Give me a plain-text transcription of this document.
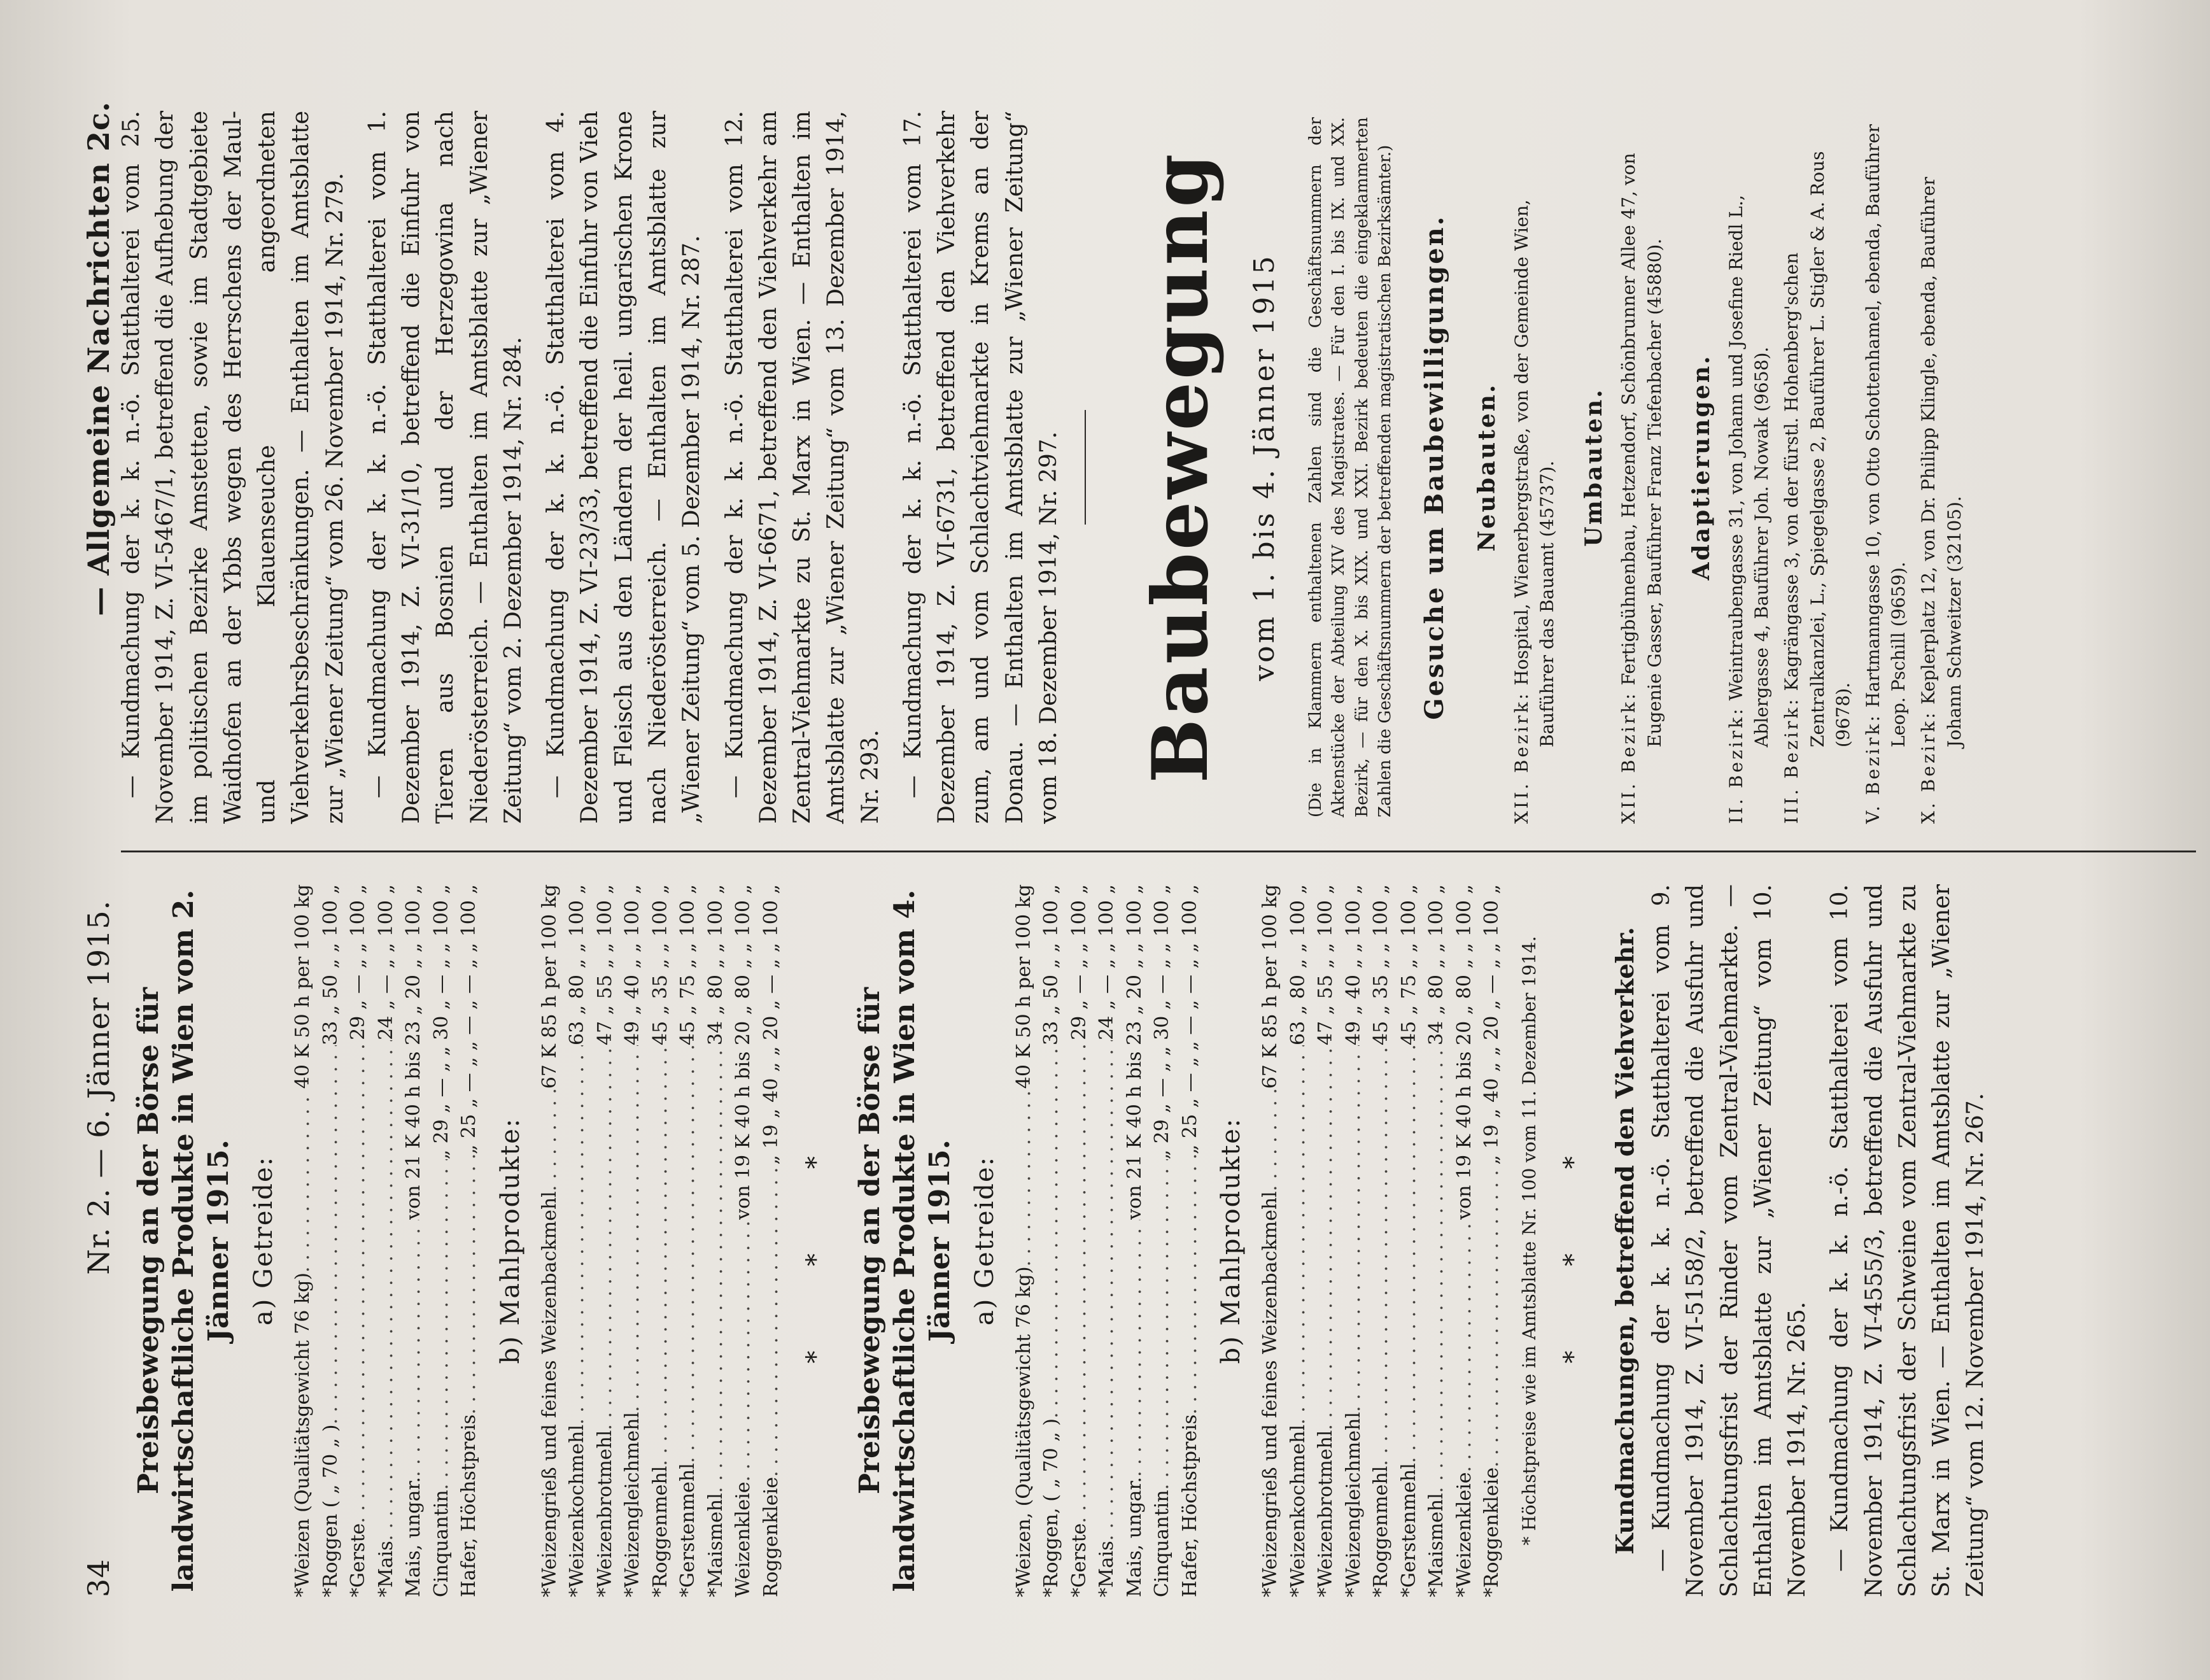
34
Nr. 2. — 6. Jänner 1915.
— Allgemeine Nachrichten 2c.
Preisbewegung an der Börse für landwirtschaftliche Produkte in Wien vom 2. Jänner 1915. a) Getreide:
*Weizen (Qualitätsgewicht 76 kg)
. . .
40 K 50 h per 100 kg
*Roggen ( „ 70 „ )
. . .
33 „ 50 „ „ 100 „
*Gerste
. . .
29 „ — „ „ 100 „
*Mais
. . .
24 „ — „ „ 100 „
Mais, ungar.
. . .
von 21 K 40 h bis 23 „ 20 „ „ 100 „
Cinquantin
. . .
„ 29 „ — „ „ 30 „ — „ „ 100 „
Hafer, Höchstpreis
. . .
„ 25 „ — „ „ — „ — „ „ 100 „
b) Mahlprodukte: *Weizengrieß und feines Weizenbackmehl
. . .
67 K 85 h per 100 kg
*Weizenkochmehl
. . .
63 „ 80 „ „ 100 „
*Weizenbrotmehl
. . .
47 „ 55 „ „ 100 „
*Weizengleichmehl
. . .
49 „ 40 „ „ 100 „
*Roggenmehl
. . .
45 „ 35 „ „ 100 „
*Gerstenmehl
. . .
45 „ 75 „ „ 100 „
*Maismehl
. . .
34 „ 80 „ „ 100 „
Weizenkleie
. . .
von 19 K 40 h bis 20 „ 80 „ „ 100 „
Roggenkleie
. . .
„ 19 „ 40 „ „ 20 „ — „ „ 100 „
* * * Preisbewegung an der Börse für landwirtschaftliche Produkte in Wien vom 4. Jänner 1915. a) Getreide:
*Weizen, (Qualitätsgewicht 76 kg)
. . .
40 K 50 h per 100 kg
*Roggen, ( „ 70 „ )
. . .
33 „ 50 „ „ 100 „
*Gerste
. . .
29 „ — „ „ 100 „
*Mais
. . .
24 „ — „ „ 100 „
Mais, ungar.
. . .
von 21 K 40 h bis 23 „ 20 „ „ 100 „
Cinquantin
. . .
„ 29 „ — „ „ 30 „ — „ „ 100 „
Hafer, Höchstpreis
. . .
„ 25 „ — „ „ — „ — „ „ 100 „
b) Mahlprodukte: *Weizengrieß und feines Weizenbackmehl
. . .
67 K 85 h per 100 kg
*Weizenkochmehl
. . .
63 „ 80 „ „ 100 „
*Weizenbrotmehl
. . .
47 „ 55 „ „ 100 „
*Weizengleichmehl
. . .
49 „ 40 „ „ 100 „
*Roggenmehl
. . .
45 „ 35 „ „ 100 „
*Gerstenmehl
. . .
45 „ 75 „ „ 100 „
*Maismehl
. . .
34 „ 80 „ „ 100 „
*Weizenkleie
. . .
von 19 K 40 h bis 20 „ 80 „ „ 100 „
*Roggenkleie
. . .
„ 19 „ 40 „ „ 20 „ — „ „ 100 „ * Höchstpreise wie im Amtsblatte Nr. 100 vom 11. Dezember 1914. * * * Kundmachungen, betreffend den Viehverkehr. — Kundmachung der k. k. n.-ö. Statthalterei vom 9. November 1914, Z. VI-5158/2, betreffend die Ausfuhr und Schlachtungsfrist der Rinder vom Zentral-Viehmarkte. — Enthalten im Amtsblatte zur „Wiener Zeitung“ vom 10. November 1914, Nr. 265. — Kundmachung der k. k. n.-ö. Statthalterei vom 10. November 1914, Z. VI-4555/3, betreffend die Ausfuhr und Schlachtungsfrist der Schweine vom Zentral-Viehmarkte zu St. Marx in Wien. — Enthalten im Amtsblatte zur „Wiener Zeitung“ vom 12. November 1914, Nr. 267.

— Kundmachung der k. k. n.-ö. Statthalterei vom 25. November 1914, Z. VI-5467/1, betreffend die Aufhebung der im politischen Bezirke Amstetten, sowie im Stadtgebiete Waidhofen an der Ybbs wegen des Herrschens der Maul- und Klauenseuche angeordneten Viehverkehrsbeschränkungen. — Enthalten im Amtsblatte zur „Wiener Zeitung“ vom 26. November 1914, Nr. 279. — Kundmachung der k. k. n.-ö. Statthalterei vom 1. Dezember 1914, Z. VI-31/10, betreffend die Einfuhr von Tieren aus Bosnien und der Herzegowina nach Niederösterreich. — Enthalten im Amtsblatte zur „Wiener Zeitung“ vom 2. Dezember 1914, Nr. 284. — Kundmachung der k. k. n.-ö. Statthalterei vom 4. Dezember 1914, Z. VI-23/33, betreffend die Einfuhr von Vieh und Fleisch aus den Ländern der heil. ungarischen Krone nach Niederösterreich. — Enthalten im Amtsblatte zur „Wiener Zeitung“ vom 5. Dezember 1914, Nr. 287. — Kundmachung der k. k. n.-ö. Statthalterei vom 12. Dezember 1914, Z. VI-6671, betreffend den Viehverkehr am Zentral-Viehmarkte zu St. Marx in Wien. — Enthalten im Amtsblatte zur „Wiener Zeitung“ vom 13. Dezember 1914, Nr. 293. — Kundmachung der k. k. n.-ö. Statthalterei vom 17. Dezember 1914, Z. VI-6731, betreffend den Viehverkehr zum, am und vom Schlachtviehmarkte in Krems an der Donau. — Enthalten im Amtsblatte zur „Wiener Zeitung“ vom 18. Dezember 1914, Nr. 297. Baubewegung vom 1. bis 4. Jänner 1915 (Die in Klammern enthaltenen Zahlen sind die Geschäftsnummern der Aktenstücke der Abteilung XIV des Magistrates. — Für den I. bis IX. und XX. Bezirk, — für den X. bis XIX. und XXI. Bezirk bedeuten die eingeklammerten Zahlen die Geschäftsnummern der betreffenden magistratischen Bezirksämter.) Gesuche um Baubewilligungen. Neubauten.
XII. Bezirk: Hospital, Wienerbergstraße, von der Gemeinde Wien, Bauführer das Bauamt (45737). Umbauten.
XII. Bezirk: Fertigbühnenbau, Hetzendorf, Schönbrunner Allee 47, von Eugenie Gasser, Bauführer Franz Tiefenbacher (45880). Adaptierungen.
II. Bezirk: Weintraubengasse 31, von Johann und Josefine Riedl L., Ablergasse 4, Bauführer Joh. Nowak (9658).
III. Bezirk: Kagrängasse 3, von der fürstl. Hohenberg'schen Zentralkanzlei, L., Spiegelgasse 2, Bauführer L. Stigler & A. Rous (9678). V. Bezirk: Hartmanngasse 10, von Otto Schottenhamel, ebenda, Bauführer Leop. Pschill (9659).
X. Bezirk: Keplerplatz 12, von Dr. Philipp Klingle, ebenda, Bauführer Johann Schweitzer (32105).
